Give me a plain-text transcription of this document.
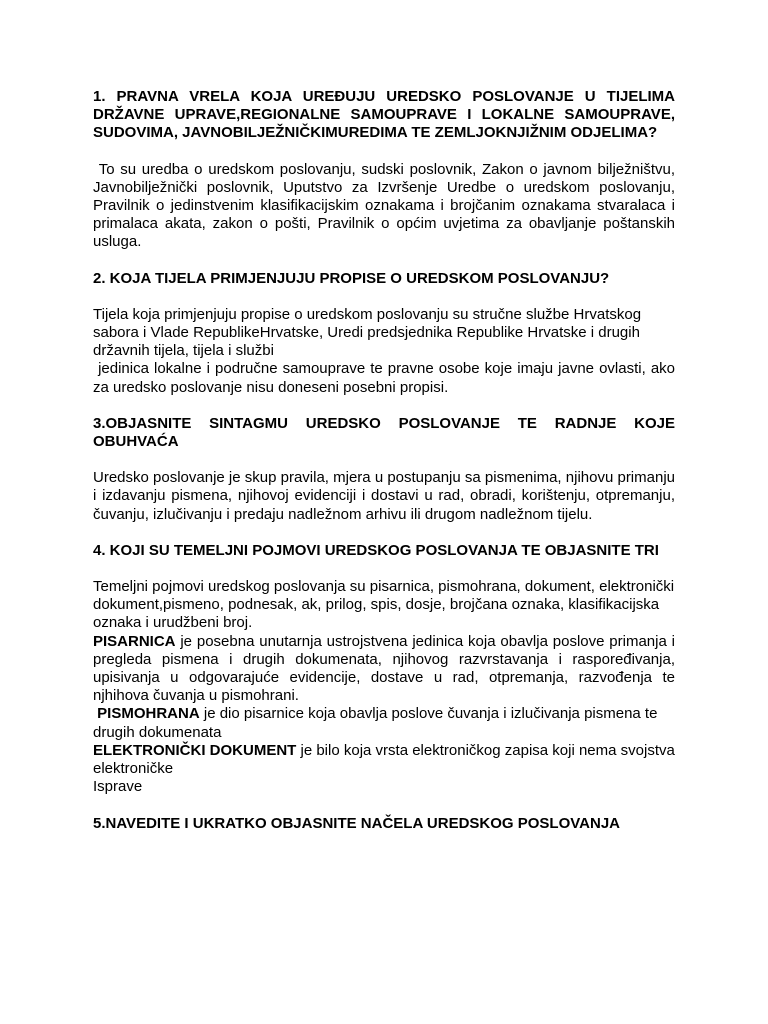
1. PRAVNA VRELA KOJA UREĐUJU UREDSKO POSLOVANJE U TIJELIMA DRŽAVNE UPRAVE,REGIONALNE SAMOUPRAVE I LOKALNE SAMOUPRAVE, SUDOVIMA, JAVNOBILJEŽNIČKIMUREDIMA TE ZEMLJOKNJIŽNIM ODJELIMA?

To su uredba o uredskom poslovanju, sudski poslovnik, Zakon o javnom bilježništvu, Javnobilježnički poslovnik, Uputstvo za Izvršenje Uredbe o uredskom poslovanju, Pravilnik o jedinstvenim klasifikacijskim oznakama i brojčanim oznakama stvaralaca i primalaca akata, zakon o pošti, Pravilnik o općim uvjetima za obavljanje poštanskih usluga.

2. KOJA TIJELA PRIMJENJUJU PROPISE O UREDSKOM POSLOVANJU?

Tijela koja primjenjuju propise o uredskom poslovanju su stručne službe Hrvatskog sabora i Vlade RepublikeHrvatske, Uredi predsjednika Republike Hrvatske i drugih državnih tijela, tijela i službi

jedinica lokalne i područne samouprave te pravne osobe koje imaju javne ovlasti, ako za uredsko poslovanje nisu doneseni posebni propisi.

3.OBJASNITE SINTAGMU UREDSKO POSLOVANJE TE RADNJE KOJE OBUHVAĆA

Uredsko poslovanje je skup pravila, mjera u postupanju sa pismenima, njihovu primanju i izdavanju pismena, njihovoj evidenciji i dostavi u rad, obradi, korištenju, otpremanju, čuvanju, izlučivanju i predaju nadležnom arhivu ili drugom nadležnom tijelu.

4. KOJI SU TEMELJNI POJMOVI UREDSKOG POSLOVANJA TE OBJASNITE TRI

Temeljni pojmovi uredskog poslovanja su pisarnica, pismohrana, dokument, elektronički dokument,pismeno, podnesak, ak, prilog, spis, dosje, brojčana oznaka, klasifikacijska oznaka i urudžbeni broj.

PISARNICA je posebna unutarnja ustrojstvena jedinica koja obavlja poslove primanja i pregleda pismena i drugih dokumenata, njihovog razvrstavanja i raspoređivanja, upisivanja u odgovarajuće evidencije, dostave u rad, otpremanja, razvođenja te njhihova čuvanja u pismohrani.

PISMOHRANA je dio pisarnice koja obavlja poslove čuvanja i izlučivanja pismena te drugih dokumenata

ELEKTRONIČKI DOKUMENT je bilo koja vrsta elektroničkog zapisa koji nema svojstva elektroničke

Isprave

5.NAVEDITE I UKRATKO OBJASNITE NAČELA UREDSKOG POSLOVANJA
